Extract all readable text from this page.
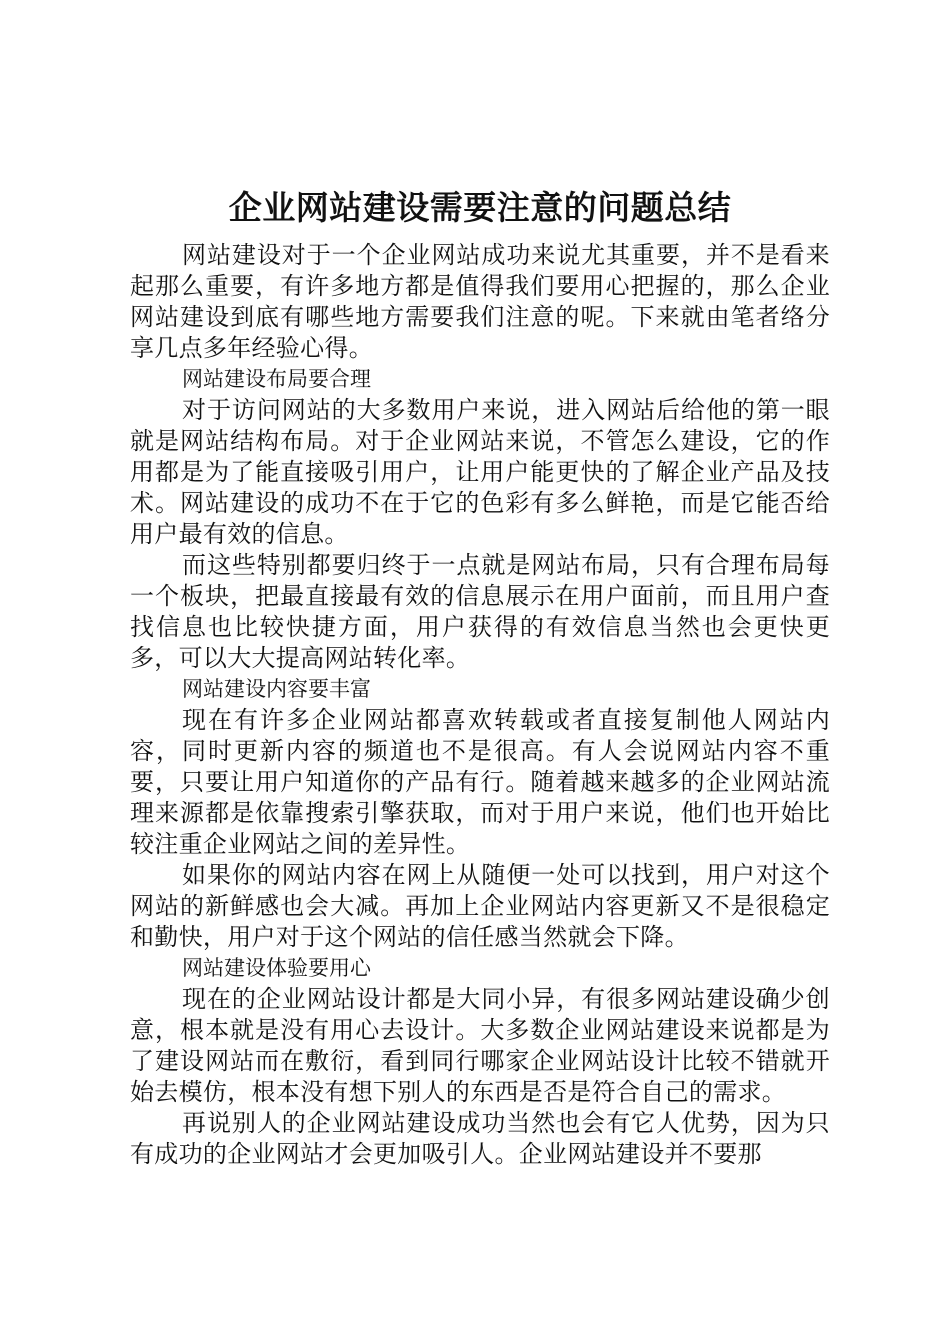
企业网站建设需要注意的问题总结

网站建设对于一个企业网站成功来说尤其重要，并不是看来起那么重要，有许多地方都是值得我们要用心把握的，那么企业网站建设到底有哪些地方需要我们注意的呢。下来就由笔者络分享几点多年经验心得。

网站建设布局要合理

对于访问网站的大多数用户来说，进入网站后给他的第一眼就是网站结构布局。对于企业网站来说，不管怎么建设，它的作用都是为了能直接吸引用户，让用户能更快的了解企业产品及技术。网站建设的成功不在于它的色彩有多么鲜艳，而是它能否给用户最有效的信息。

而这些特别都要归终于一点就是网站布局，只有合理布局每一个板块，把最直接最有效的信息展示在用户面前，而且用户查找信息也比较快捷方面，用户获得的有效信息当然也会更快更多，可以大大提高网站转化率。

网站建设内容要丰富

现在有许多企业网站都喜欢转载或者直接复制他人网站内容，同时更新内容的频道也不是很高。有人会说网站内容不重要，只要让用户知道你的产品有行。随着越来越多的企业网站流理来源都是依靠搜索引擎获取，而对于用户来说，他们也开始比较注重企业网站之间的差异性。

如果你的网站内容在网上从随便一处可以找到，用户对这个网站的新鲜感也会大减。再加上企业网站内容更新又不是很稳定和勤快，用户对于这个网站的信任感当然就会下降。

网站建设体验要用心

现在的企业网站设计都是大同小异，有很多网站建设确少创意，根本就是没有用心去设计。大多数企业网站建设来说都是为了建设网站而在敷衍，看到同行哪家企业网站设计比较不错就开始去模仿，根本没有想下别人的东西是否是符合自己的需求。

再说别人的企业网站建设成功当然也会有它人优势，因为只有成功的企业网站才会更加吸引人。企业网站建设并不要那
